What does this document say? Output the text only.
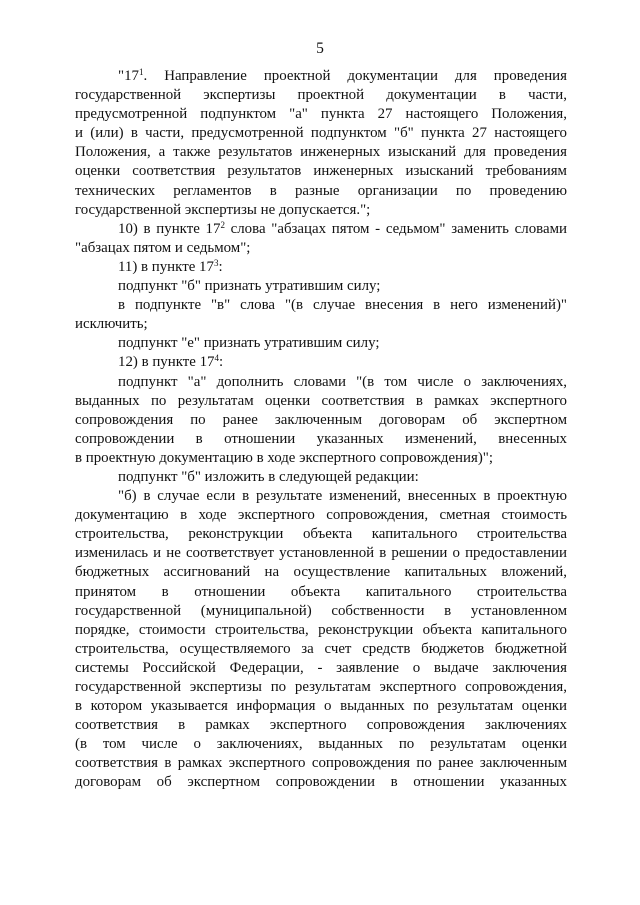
5

"$17^1$. Направление проектной документации для проведения

государственной экспертизы проектной документации в части,

предусмотренной подпунктом "а" пункта 27 настоящего Положения,

и (или) в части, предусмотренной подпунктом "б" пункта 27 настоящего

Положения, а также результатов инженерных изысканий для проведения

оценки соответствия результатов инженерных изысканий требованиям

технических регламентов в разные организации по проведению

государственной экспертизы не допускается.";

10) в пункте $17^2$ слова "абзацах пятом - седьмом" заменить словами

"абзацах пятом и седьмом";

11) в пункте $17^3$:

подпункт "б" признать утратившим силу;

в подпункте "в" слова "(в случае внесения в него изменений)"

исключить;

подпункт "е" признать утратившим силу;

12) в пункте $17^4$:

подпункт "а" дополнить словами "(в том числе о заключениях,

выданных по результатам оценки соответствия в рамках экспертного

сопровождения по ранее заключенным договорам об экспертном

сопровождении в отношении указанных изменений, внесенных

в проектную документацию в ходе экспертного сопровождения)";

подпункт "б" изложить в следующей редакции:

"б) в случае если в результате изменений, внесенных в проектную

документацию в ходе экспертного сопровождения, сметная стоимость

строительства, реконструкции объекта капитального строительства

изменилась и не соответствует установленной в решении о предоставлении

бюджетных ассигнований на осуществление капитальных вложений,

принятом в отношении объекта капитального строительства

государственной (муниципальной) собственности в установленном

порядке, стоимости строительства, реконструкции объекта капитального

строительства, осуществляемого за счет средств бюджетов бюджетной

системы Российской Федерации, - заявление о выдаче заключения

государственной экспертизы по результатам экспертного сопровождения,

в котором указывается информация о выданных по результатам оценки

соответствия в рамках экспертного сопровождения заключениях

(в том числе о заключениях, выданных по результатам оценки

соответствия в рамках экспертного сопровождения по ранее заключенным

договорам об экспертном сопровождении в отношении указанных
